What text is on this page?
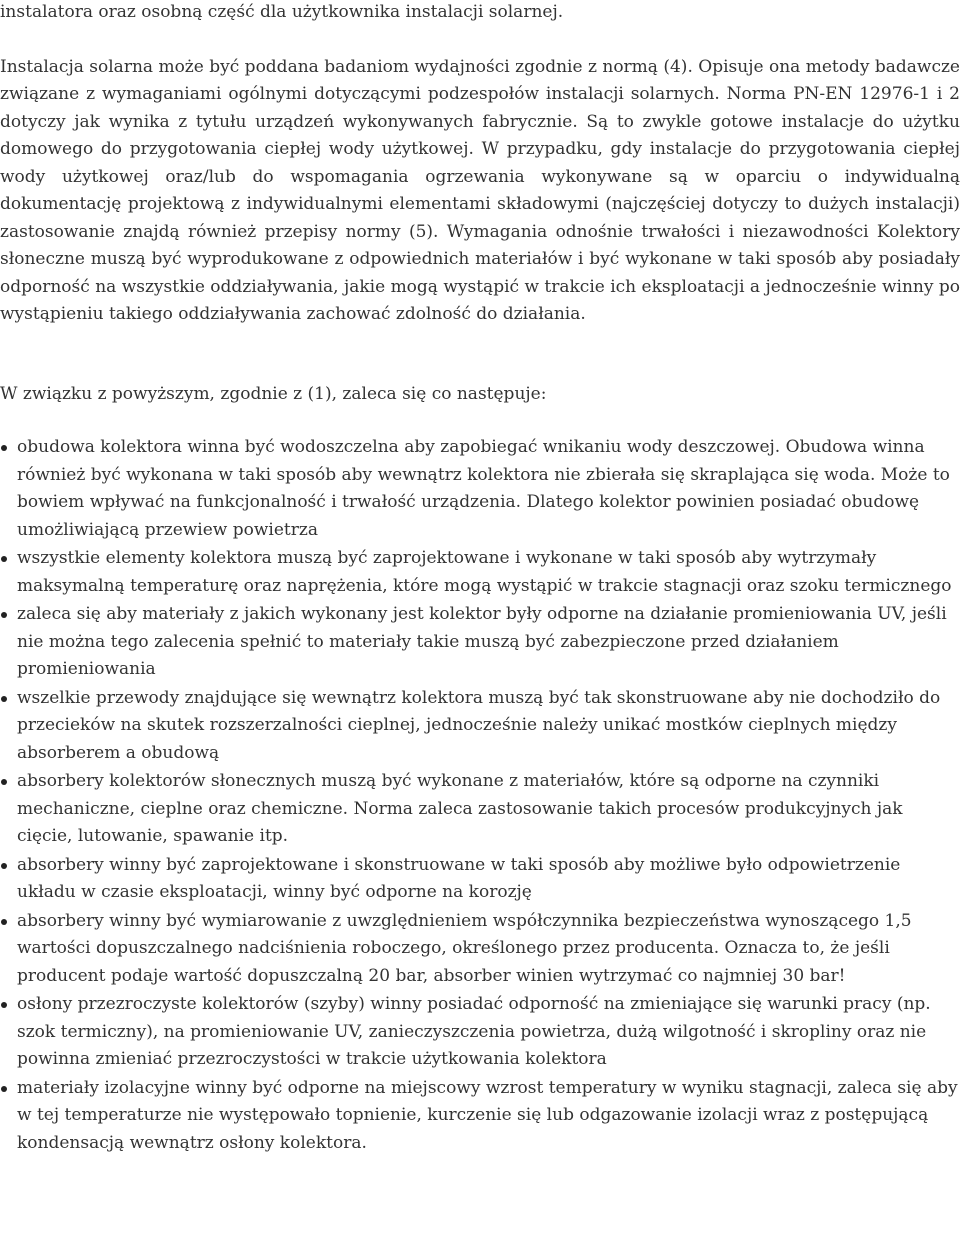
instalatora oraz osobną część dla użytkownika instalacji solarnej.

Instalacja solarna może być poddana badaniom wydajności zgodnie z normą (4). Opisuje ona metody badawcze związane z wymaganiami ogólnymi dotyczącymi podzespołów instalacji solarnych. Norma PN-EN 12976-1 i 2 dotyczy jak wynika z tytułu urządzeń wykonywanych fabrycznie. Są to zwykle gotowe instalacje do użytku domowego do przygotowania ciepłej wody użytkowej. W przypadku, gdy instalacje do przygotowania ciepłej wody użytkowej oraz/lub do wspomagania ogrzewania wykonywane są w oparciu o indywidualną dokumentację projektową z indywidualnymi elementami składowymi (najczęściej dotyczy to dużych instalacji) zastosowanie znajdą również przepisy normy (5). Wymagania odnośnie trwałości i niezawodności Kolektory słoneczne muszą być wyprodukowane z odpowiednich materiałów i być wykonane w taki sposób aby posiadały odporność na wszystkie oddziaływania, jakie mogą wystąpić w trakcie ich eksploatacji a jednocześnie winny po wystąpieniu takiego oddziaływania zachować zdolność do działania.

W związku z powyższym, zgodnie z (1), zaleca się co następuje:

obudowa kolektora winna być wodoszczelna aby zapobiegać wnikaniu wody deszczowej. Obudowa winna również być wykonana w taki sposób aby wewnątrz kolektora nie zbierała się skraplająca się woda. Może to bowiem wpływać na funkcjonalność i trwałość urządzenia. Dlatego kolektor powinien posiadać obudowę umożliwiającą przewiew powietrza
wszystkie elementy kolektora muszą być zaprojektowane i wykonane w taki sposób aby wytrzymały maksymalną temperaturę oraz naprężenia, które mogą wystąpić w trakcie stagnacji oraz szoku termicznego
zaleca się aby materiały z jakich wykonany jest kolektor były odporne na działanie promieniowania UV, jeśli nie można tego zalecenia spełnić to materiały takie muszą być zabezpieczone przed działaniem promieniowania
wszelkie przewody znajdujące się wewnątrz kolektora muszą być tak skonstruowane aby nie dochodziło do przecieków na skutek rozszerzalności cieplnej, jednocześnie należy unikać mostków cieplnych między absorberem a obudową
absorbery kolektorów słonecznych muszą być wykonane z materiałów, które są odporne na czynniki mechaniczne, cieplne oraz chemiczne. Norma zaleca zastosowanie takich procesów produkcyjnych jak cięcie, lutowanie, spawanie itp.
absorbery winny być zaprojektowane i skonstruowane w taki sposób aby możliwe było odpowietrzenie układu w czasie eksploatacji, winny być odporne na korozję
absorbery winny być wymiarowanie z uwzględnieniem współczynnika bezpieczeństwa wynoszącego 1,5 wartości dopuszczalnego nadciśnienia roboczego, określonego przez producenta. Oznacza to, że jeśli producent podaje wartość dopuszczalną 20 bar, absorber winien wytrzymać co najmniej 30 bar!
osłony przezroczyste kolektorów (szyby) winny posiadać odporność na zmieniające się warunki pracy (np. szok termiczny), na promieniowanie UV, zanieczyszczenia powietrza, dużą wilgotność i skropliny oraz nie powinna zmieniać przezroczystości w trakcie użytkowania kolektora
materiały izolacyjne winny być odporne na miejscowy wzrost temperatury w wyniku stagnacji, zaleca się aby w tej temperaturze nie występowało topnienie, kurczenie się lub odgazowanie izolacji wraz z postępującą kondensacją wewnątrz osłony kolektora.
